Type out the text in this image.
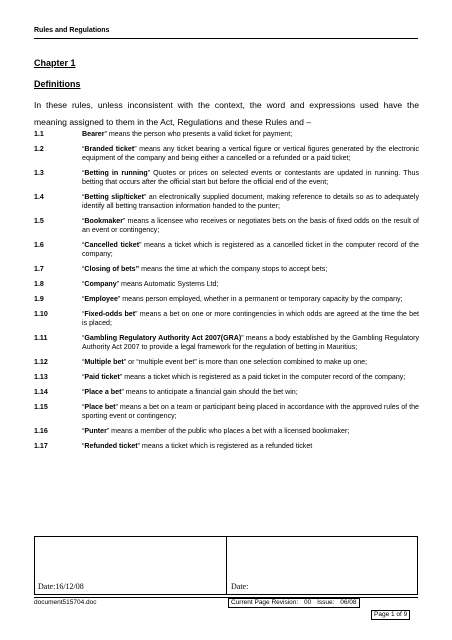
Rules and Regulations
Chapter 1
Definitions
In these rules, unless inconsistent with the context, the word and expressions used have the meaning assigned to them in the Act, Regulations and these Rules and –
1.1	Bearer” means the person who presents a valid ticket for payment;
1.2	“Branded ticket” means any ticket bearing a vertical figure or vertical figures generated by the electronic equipment of the company and being either a cancelled or a refunded or a paid ticket;
1.3	“Betting in running” Quotes or prices on selected events or contestants are updated in running. Thus betting that occurs after the official start but before the official end of the event;
1.4	“Betting slip/ticket” an electronically supplied document, making reference to details so as to adequately identify all betting transaction information handed to the punter;
1.5	“Bookmaker” means a licensee who receives or negotiates bets on the basis of fixed odds on the result of an event or contingency;
1.6	“Cancelled ticket” means a ticket which is registered as a cancelled ticket in the computer record of the company;
1.7	“Closing of bets” means the time at which the company stops to accept bets;
1.8	“Company” means Automatic Systems Ltd;
1.9	“Employee” means person employed, whether in a permanent or temporary capacity by the company;
1.10	“Fixed-odds bet” means a bet on one or more contingencies in which odds are agreed at the time the bet is placed;
1.11	“Gambling Regulatory Authority Act 2007(GRA)” means a body established by the Gambling Regulatory Authority Act 2007 to provide a legal framework for the regulation of betting in Mauritius;
1.12	“Multiple bet” or “multiple event bet” is more than one selection combined to make up one;
1.13	“Paid ticket” means a ticket which is registered as a paid ticket in the computer record of the company;
1.14	“Place a bet” means to anticipate a financial gain should the bet win;
1.15	“Place bet” means a bet on a team or participant being placed in accordance with the approved rules of the sporting event or contingency;
1.16	“Punter” means a member of the public who places a bet with a licensed bookmaker;
1.17	“Refunded ticket” means a ticket which is registered as a refunded ticket
Date:16/12/08	Date:
document515704.doc	Current Page Revision: 00 Issue: 06/08
Page 1 of 9
